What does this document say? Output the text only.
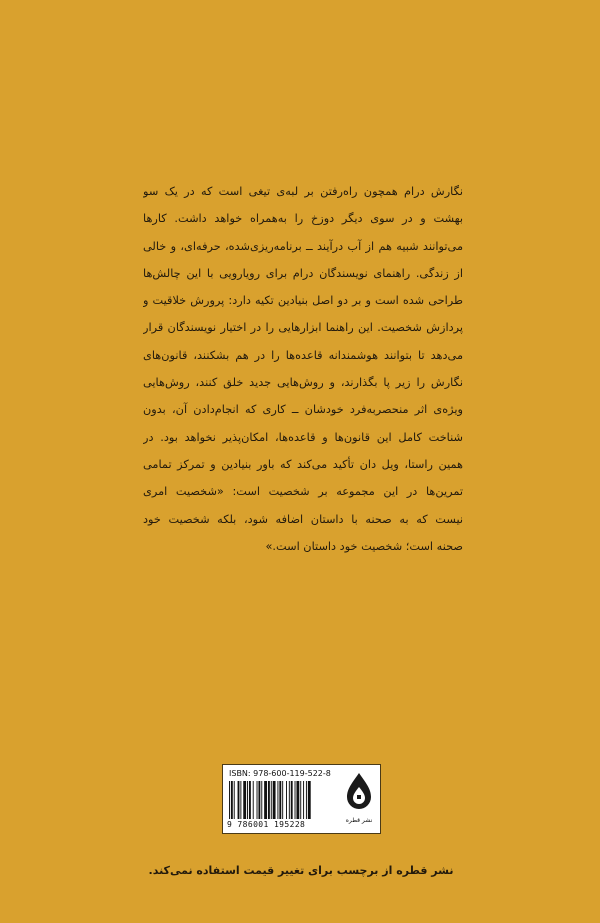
نگارش درام همچون راه‌رفتن بر لبه‌ی تیغی است که در یک سو
بهشت و در سوی دیگر دوزخ را به‌همراه خواهد داشت. کارها
می‌توانند شبیه هم از آب درآیند ــ برنامه‌ریزی‌شده، حرفه‌ای، و خالی
از زندگی. راهنمای نویسندگان درام برای رویارویی با این چالش‌ها
طراحی شده است و بر دو اصل بنیادین تکیه دارد: پرورش خلاقیت و
پردازش شخصیت. این راهنما ابزارهایی را در اختیار نویسندگان قرار
می‌دهد تا بتوانند هوشمندانه قاعده‌ها را در هم بشکنند، قانون‌های
نگارش را زیر پا بگذارند، و روش‌هایی جدید خلق کنند، روش‌هایی
ویژه‌ی اثر منحصربه‌فرد خودشان ــ کاری که انجام‌دادن آن، بدون
شناخت کامل این قانون‌ها و قاعده‌ها، امکان‌پذیر نخواهد بود. در
همین راستا، ویل دان تأکید می‌کند که باور بنیادین و تمرکز تمامی
تمرین‌ها در این مجموعه بر شخصیت است: «شخصیت امری
نیست که به صحنه با داستان اضافه شود، بلکه شخصیت خود
صحنه است؛ شخصیت خود داستان است.»
ISBN: 978-600-119-522-8
9 786001 195228	نشر قطره
نشر قطره از برچسب برای تغییر قیمت استفاده نمی‌کند.
